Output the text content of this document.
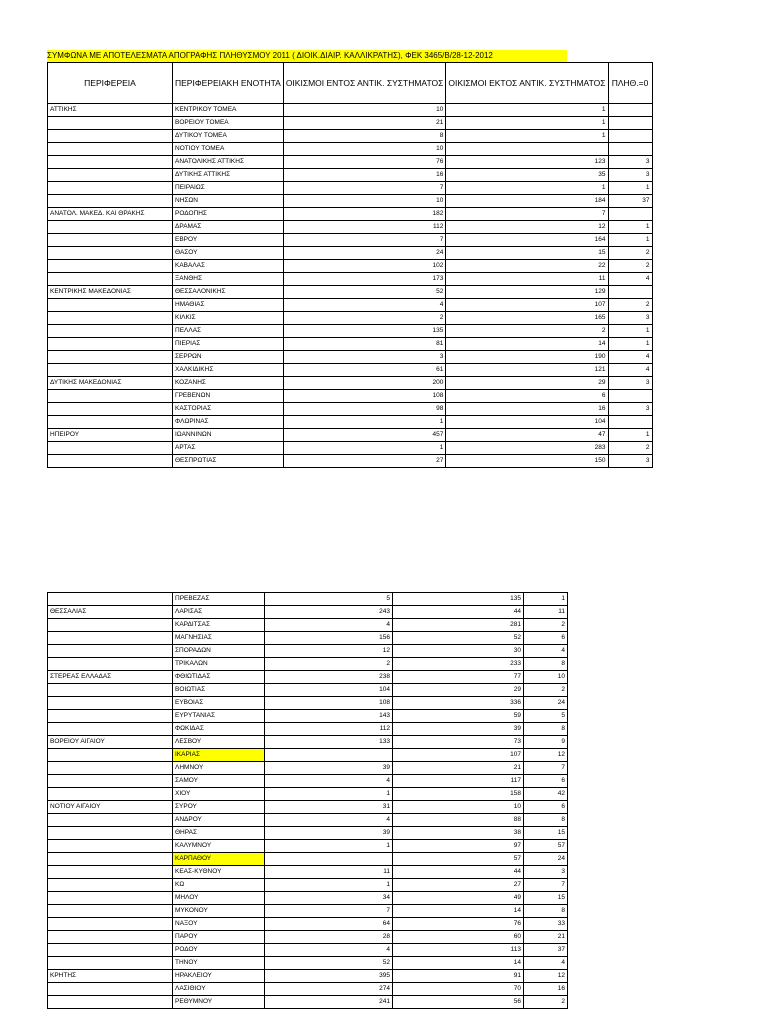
ΣΥΜΦΩΝΑ ΜΕ ΑΠΟΤΕΛΕΣΜΑΤΑ ΑΠΟΓΡΑΦΗΣ ΠΛΗΘΥΣΜΟΥ 2011 ( ΔΙΟΙΚ.ΔΙΑΙΡ. ΚΑΛΛΙΚΡΑΤΗΣ), ΦΕΚ 3465/Β/28-12-2012
ΠΕΡΙΦΕΡΕΙΑ	ΠΕΡΙΦΕΡΕΙΑΚΗ ΕΝΟΤΗΤΑ	ΟΙΚΙΣΜΟΙ ΕΝΤΟΣ ΑΝΤΙΚ. ΣΥΣΤΗΜΑΤΟΣ	ΟΙΚΙΣΜΟΙ ΕΚΤΟΣ ΑΝΤΙΚ. ΣΥΣΤΗΜΑΤΟΣ	ΠΛΗΘ.=0
ΑΤΤΙΚΗΣ	ΚΕΝΤΡΙΚΟΥ ΤΟΜΕΑ	10	1	
	ΒΟΡΕΙΟΥ ΤΟΜΕΑ	21	1	
	ΔΥΤΙΚΟΥ ΤΟΜΕΑ	8	1	
	ΝΟΤΙΟΥ ΤΟΜΕΑ	10		
	ΑΝΑΤΟΛΙΚΗΣ ΑΤΤΙΚΗΣ	76	123	3
	ΔΥΤΙΚΗΣ ΑΤΤΙΚΗΣ	16	35	3
	ΠΕΙΡΑΙΩΣ	7	1	1
	ΝΗΣΩΝ	10	184	37
ΑΝΑΤΟΛ. ΜΑΚΕΔ. ΚΑΙ ΘΡΑΚΗΣ	ΡΟΔΟΠΗΣ	182	7	
	ΔΡΑΜΑΣ	112	12	1
	ΕΒΡΟΥ	7	164	1
	ΘΑΣΟΥ	24	15	2
	ΚΑΒΑΛΑΣ	102	22	2
	ΞΑΝΘΗΣ	173	11	4
ΚΕΝΤΡΙΚΗΣ ΜΑΚΕΔΟΝΙΑΣ	ΘΕΣΣΑΛΟΝΙΚΗΣ	52	129	
	ΗΜΑΘΙΑΣ	4	107	2
	ΚΙΛΚΙΣ	2	165	3
	ΠΕΛΛΑΣ	135	2	1
	ΠΙΕΡΙΑΣ	81	14	1
	ΣΕΡΡΩΝ	3	190	4
	ΧΑΛΚΙΔΙΚΗΣ	61	121	4
ΔΥΤΙΚΗΣ ΜΑΚΕΔΟΝΙΑΣ	ΚΟΖΑΝΗΣ	200	29	3
	ΓΡΕΒΕΝΩΝ	108	6	
	ΚΑΣΤΟΡΙΑΣ	98	16	3
	ΦΛΩΡΙΝΑΣ	1	104	
ΗΠΕΙΡΟΥ	ΙΩΑΝΝΙΝΩΝ	457	47	1
	ΑΡΤΑΣ	1	283	2
	ΘΕΣΠΡΩΤΙΑΣ	27	150	3
	ΠΡΕΒΕΖΑΣ	5	135	1
ΘΕΣΣΑΛΙΑΣ	ΛΑΡΙΣΑΣ	243	44	11
	ΚΑΡΔΙΤΣΑΣ	4	281	2
	ΜΑΓΝΗΣΙΑΣ	156	52	6
	ΣΠΟΡΑΔΩΝ	12	30	4
	ΤΡΙΚΑΛΩΝ	2	233	8
ΣΤΕΡΕΑΣ ΕΛΛΑΔΑΣ	ΦΘΙΩΤΙΔΑΣ	238	77	10
	ΒΟΙΩΤΙΑΣ	104	29	2
	ΕΥΒΟΙΑΣ	108	336	24
	ΕΥΡΥΤΑΝΙΑΣ	143	59	5
	ΦΩΚΙΔΑΣ	112	39	8
ΒΟΡΕΙΟΥ ΑΙΓΑΙΟΥ	ΛΕΣΒΟΥ	133	73	9
	ΙΚΑΡΙΑΣ		107	12
	ΛΗΜΝΟΥ	39	21	7
	ΣΑΜΟΥ	4	117	6
	ΧΙΟΥ	1	158	42
ΝΟΤΙΟΥ ΑΙΓΑΙΟΥ	ΣΥΡΟΥ	31	10	6
	ΑΝΔΡΟΥ	4	88	8
	ΘΗΡΑΣ	39	38	15
	ΚΑΛΥΜΝΟΥ	1	97	57
	ΚΑΡΠΑΘΟΥ		57	24
	ΚΕΑΣ-ΚΥΘΝΟΥ	11	44	3
	ΚΩ	1	27	7
	ΜΗΛΟΥ	34	49	15
	ΜΥΚΟΝΟΥ	7	14	8
	ΝΑΞΟΥ	64	76	33
	ΠΑΡΟΥ	28	60	21
	ΡΟΔΟΥ	4	113	37
	ΤΗΝΟΥ	52	14	4
ΚΡΗΤΗΣ	ΗΡΑΚΛΕΙΟΥ	395	91	12
	ΛΑΣΙΘΙΟΥ	274	70	16
	ΡΕΘΥΜΝΟΥ	241	56	2
